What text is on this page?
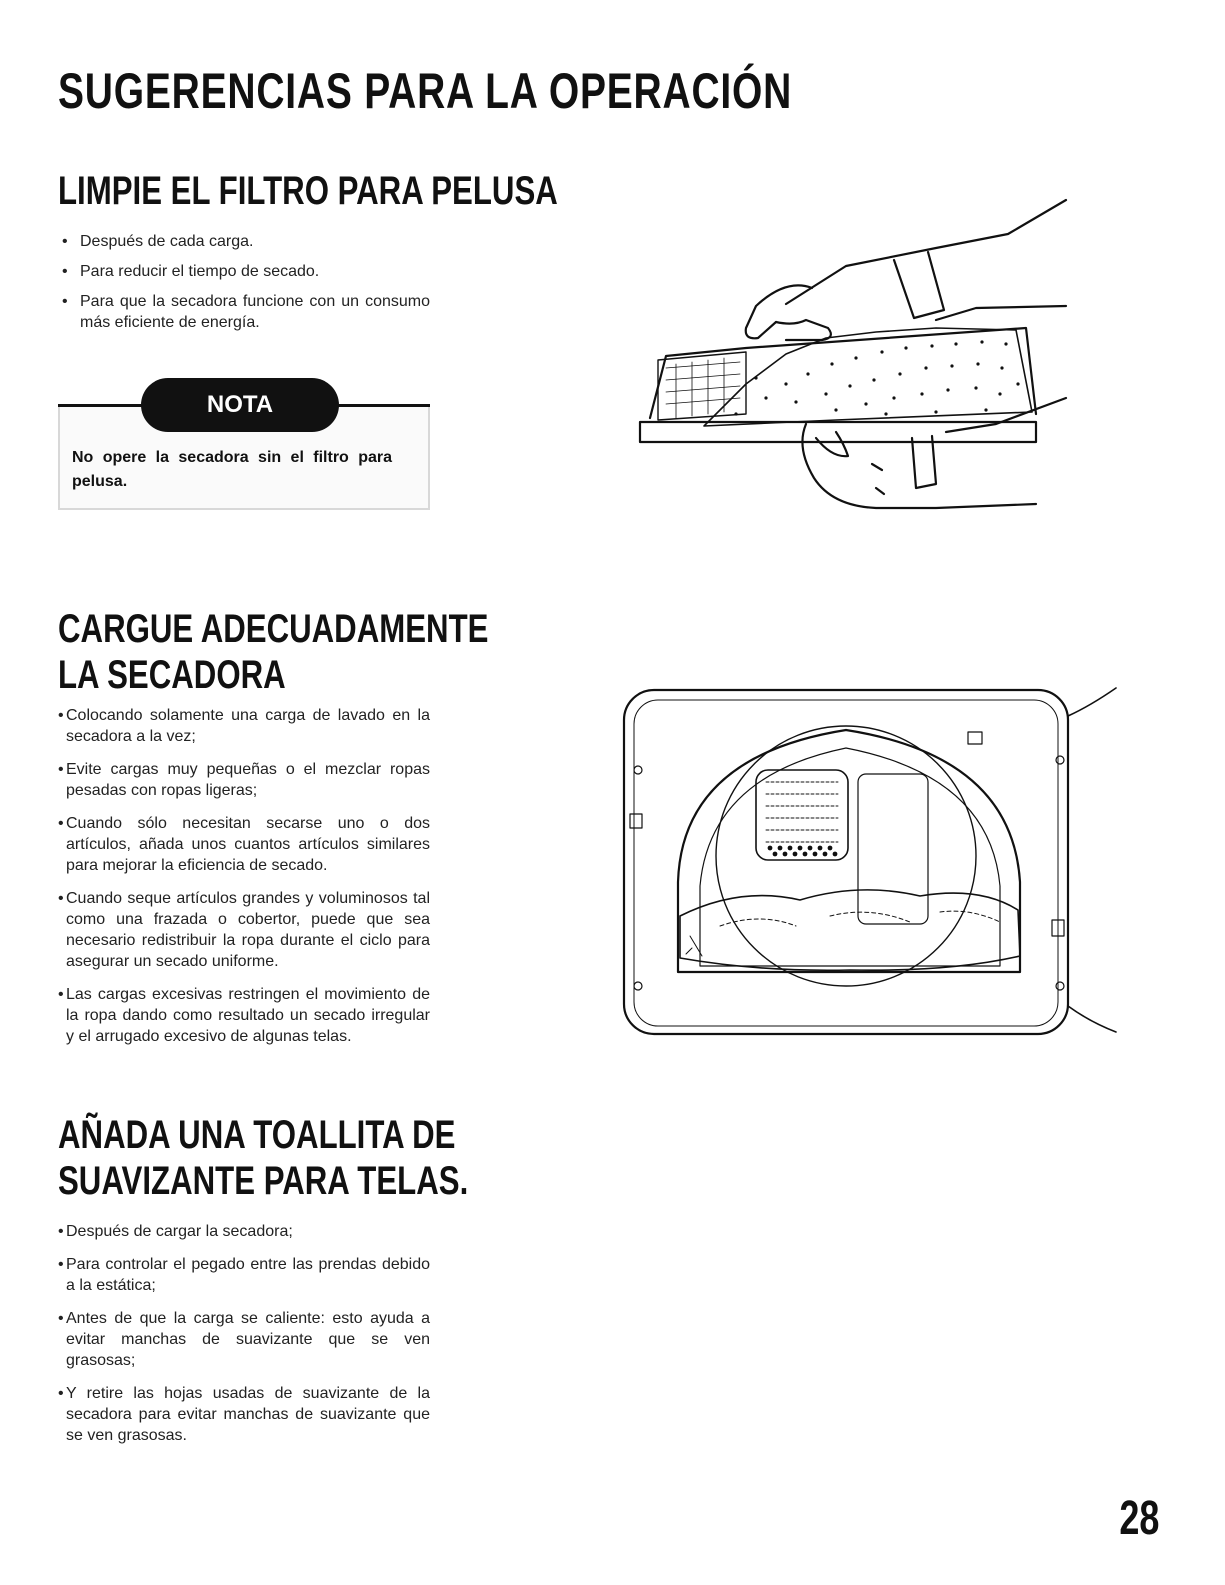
SUGERENCIAS PARA LA OPERACIÓN
LIMPIE EL FILTRO PARA PELUSA
• Después de cada carga.
• Para reducir el tiempo de secado.
• Para que la secadora funcione con un consumo más eficiente de energía.
NOTA
No opere la secadora sin el filtro para pelusa.
CARGUE ADECUADAMENTE
LA SECADORA
• Colocando solamente una carga de lavado en la secadora a la vez;
• Evite cargas muy pequeñas o el mezclar ropas pesadas con ropas ligeras;
• Cuando sólo necesitan secarse uno o dos artículos, añada unos cuantos artículos similares para mejorar la eficiencia de secado.
• Cuando seque artículos grandes y voluminosos tal como una frazada o cobertor, puede que sea necesario redistribuir la ropa durante el ciclo para asegurar un secado uniforme.
• Las cargas excesivas restringen el movimiento de la ropa dando como resultado un secado irregular y el arrugado excesivo de algunas telas.
AÑADA UNA TOALLITA DE
SUAVIZANTE PARA TELAS.
• Después de cargar la secadora;
• Para controlar el pegado entre las prendas debido a la estática;
• Antes de que la carga se caliente: esto ayuda a evitar manchas de suavizante que se ven grasosas;
• Y retire las hojas usadas de suavizante de la secadora para evitar manchas de suavizante que se ven grasosas.
28
